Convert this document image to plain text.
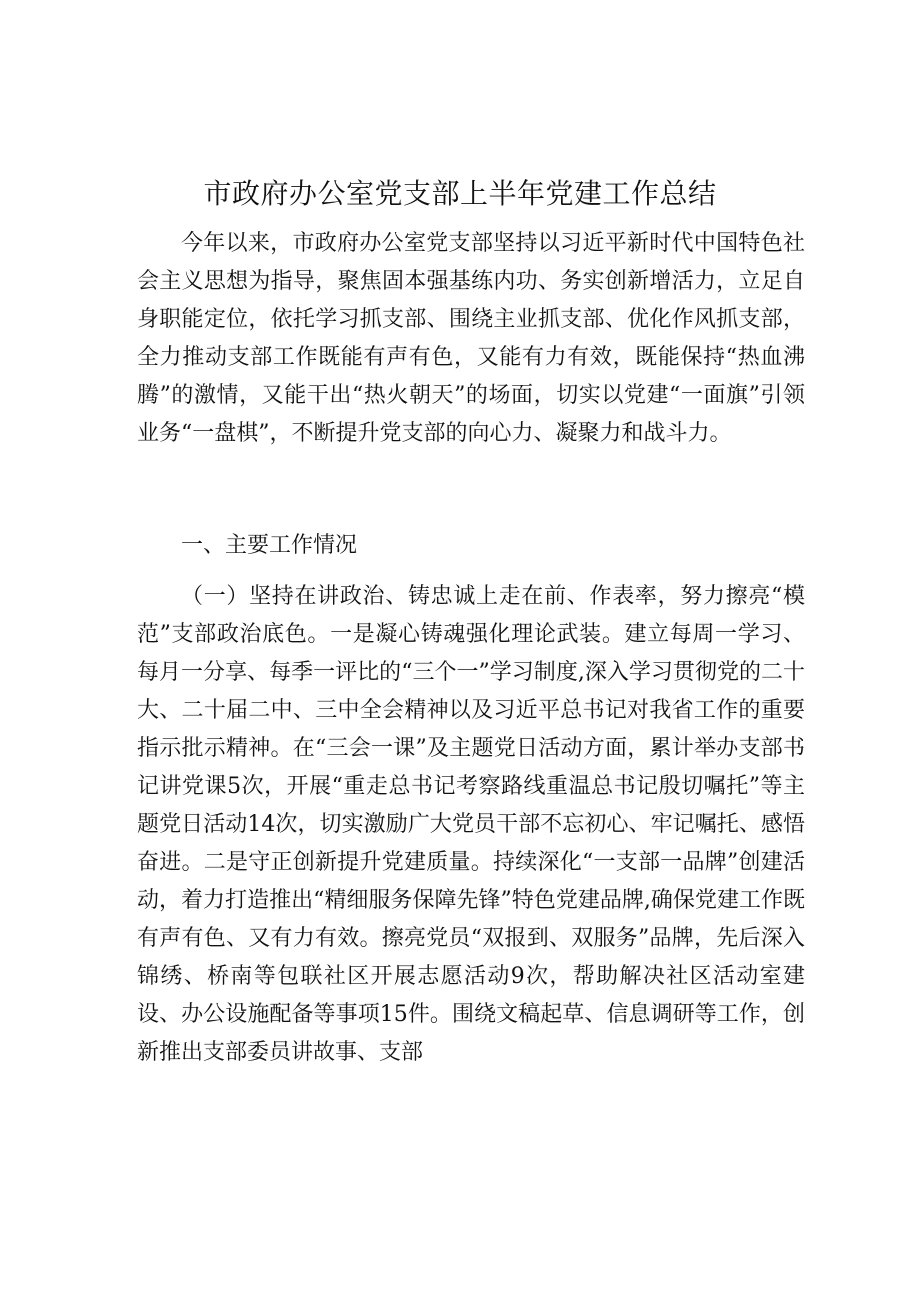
市政府办公室党支部上半年党建工作总结

今年以来，市政府办公室党支部坚持以习近平新时代中国特色社会主义思想为指导，聚焦固本强基练内功、务实创新增活力，立足自身职能定位，依托学习抓支部、围绕主业抓支部、优化作风抓支部，全力推动支部工作既能有声有色，又能有力有效，既能保持“热血沸腾”的激情，又能干出“热火朝天”的场面，切实以党建“一面旗”引领业务“一盘棋”，不断提升党支部的向心力、凝聚力和战斗力。

一、主要工作情况

（一）坚持在讲政治、铸忠诚上走在前、作表率，努力擦亮“模范”支部政治底色。一是凝心铸魂强化理论武装。建立每周一学习、每月一分享、每季一评比的“三个一”学习制度,深入学习贯彻党的二十大、二十届二中、三中全会精神以及习近平总书记对我省工作的重要指示批示精神。在“三会一课”及主题党日活动方面，累计举办支部书记讲党课5次，开展“重走总书记考察路线重温总书记殷切嘱托”等主题党日活动14次，切实激励广大党员干部不忘初心、牢记嘱托、感悟奋进。二是守正创新提升党建质量。持续深化“一支部一品牌”创建活动，着力打造推出“精细服务保障先锋”特色党建品牌,确保党建工作既有声有色、又有力有效。擦亮党员“双报到、双服务”品牌，先后深入锦绣、桥南等包联社区开展志愿活动9次，帮助解决社区活动室建设、办公设施配备等事项15件。围绕文稿起草、信息调研等工作，创新推出支部委员讲故事、支部
